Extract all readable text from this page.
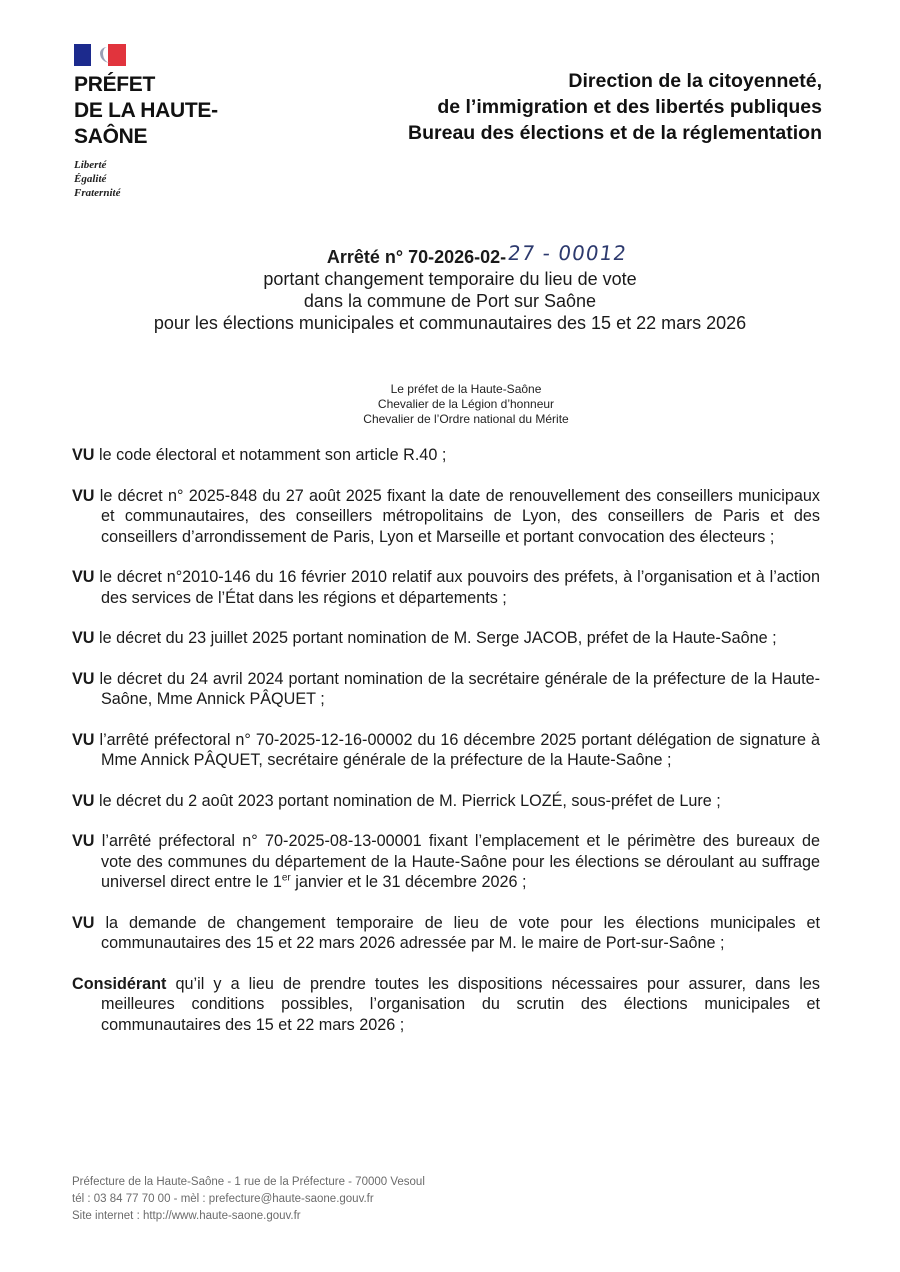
PRÉFET
DE LA HAUTE-
SAÔNE
Liberté
Égalité
Fraternité
Direction de la citoyenneté,
de l’immigration et des libertés publiques
Bureau des élections et de la réglementation
Arrêté n° 70-2026-02- 27 - 00012
portant changement temporaire du lieu de vote
dans la commune de Port sur Saône
pour les élections municipales et communautaires des 15 et 22 mars 2026
Le préfet de la Haute-Saône
Chevalier de la Légion d’honneur
Chevalier de l’Ordre national du Mérite

VU le code électoral et notamment son article R.40 ;

VU le décret n° 2025-848 du 27 août 2025 fixant la date de renouvellement des conseillers municipaux et communautaires, des conseillers métropolitains de Lyon, des conseillers de Paris et des conseillers d’arrondissement de Paris, Lyon et Marseille et portant convocation des électeurs ;

VU le décret n°2010-146 du 16 février 2010 relatif aux pouvoirs des préfets, à l’organisation et à l’action des services de l’État dans les régions et départements ;

VU le décret du 23 juillet 2025 portant nomination de M. Serge JACOB, préfet de la Haute-Saône ;

VU le décret du 24 avril 2024 portant nomination de la secrétaire générale de la préfecture de la Haute-Saône, Mme Annick PÂQUET ;

VU l’arrêté préfectoral n° 70-2025-12-16-00002 du 16 décembre 2025 portant délégation de signature à Mme Annick PÂQUET, secrétaire générale de la préfecture de la Haute-Saône ;

VU le décret du 2 août 2023 portant nomination de M. Pierrick LOZÉ, sous-préfet de Lure ;

VU l’arrêté préfectoral n° 70-2025-08-13-00001 fixant l’emplacement et le périmètre des bureaux de vote des communes du département de la Haute-Saône pour les élections se déroulant au suffrage universel direct entre le 1er janvier et le 31 décembre 2026 ;

VU la demande de changement temporaire de lieu de vote pour les élections municipales et communautaires des 15 et 22 mars 2026 adressée par M. le maire de Port-sur-Saône ;

Considérant qu’il y a lieu de prendre toutes les dispositions nécessaires pour assurer, dans les meilleures conditions possibles, l’organisation du scrutin des élections municipales et communautaires des 15 et 22 mars 2026 ;

Préfecture de la Haute-Saône - 1 rue de la Préfecture - 70000 Vesoul
tél : 03 84 77 70 00 - mèl : prefecture@haute-saone.gouv.fr
Site internet : http://www.haute-saone.gouv.fr
